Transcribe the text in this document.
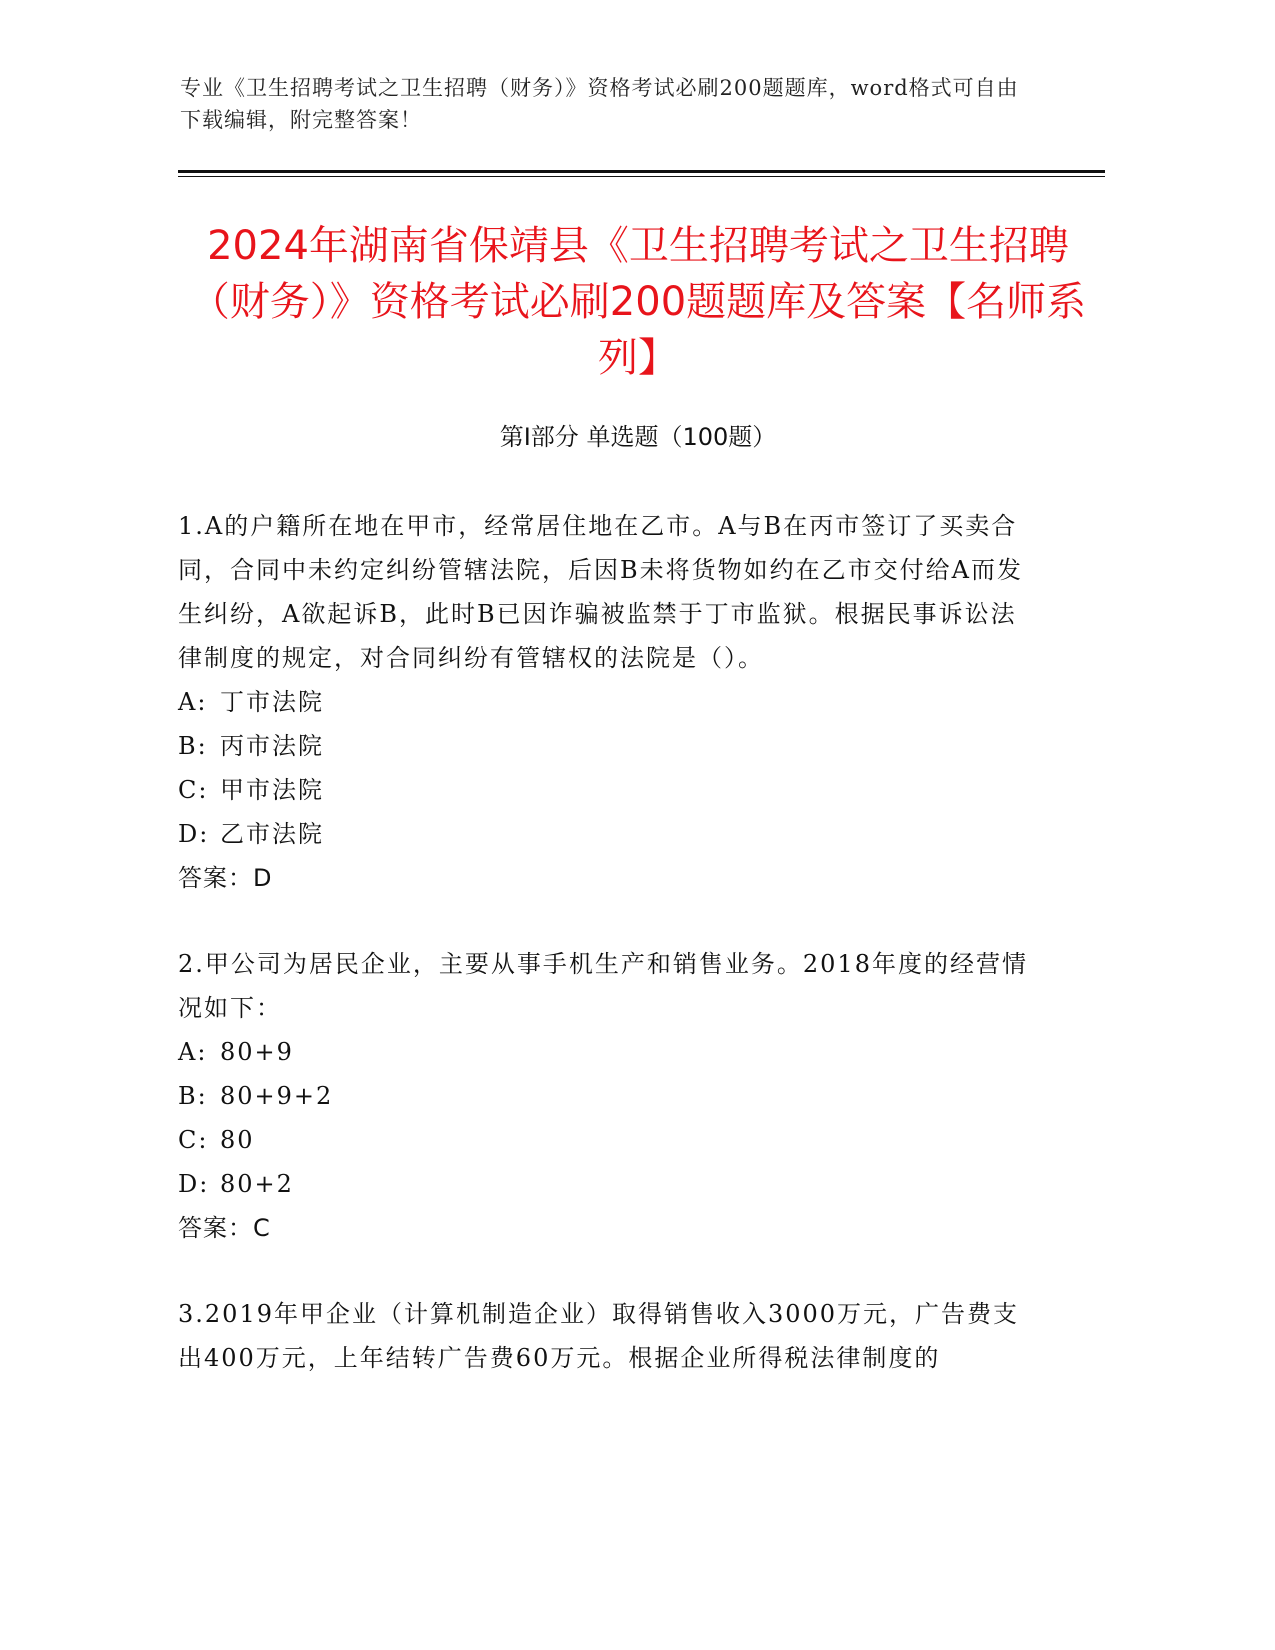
专业《卫生招聘考试之卫生招聘（财务）》资格考试必刷200题题库，word格式可自由下载编辑，附完整答案！
2024年湖南省保靖县《卫生招聘考试之卫生招聘（财务）》资格考试必刷200题题库及答案【名师系列】
第I部分 单选题（100题）
1.A的户籍所在地在甲市，经常居住地在乙市。A与B在丙市签订了买卖合同，合同中未约定纠纷管辖法院，后因B未将货物如约在乙市交付给A而发生纠纷，A欲起诉B，此时B已因诈骗被监禁于丁市监狱。根据民事诉讼法律制度的规定，对合同纠纷有管辖权的法院是（）。
A: 丁市法院
B: 丙市法院
C: 甲市法院
D: 乙市法院
答案：D
2.甲公司为居民企业，主要从事手机生产和销售业务。2018年度的经营情况如下：
A: 80+9
B: 80+9+2
C: 80
D: 80+2
答案：C
3.2019年甲企业（计算机制造企业）取得销售收入3000万元，广告费支出400万元，上年结转广告费60万元。根据企业所得税法律制度的
